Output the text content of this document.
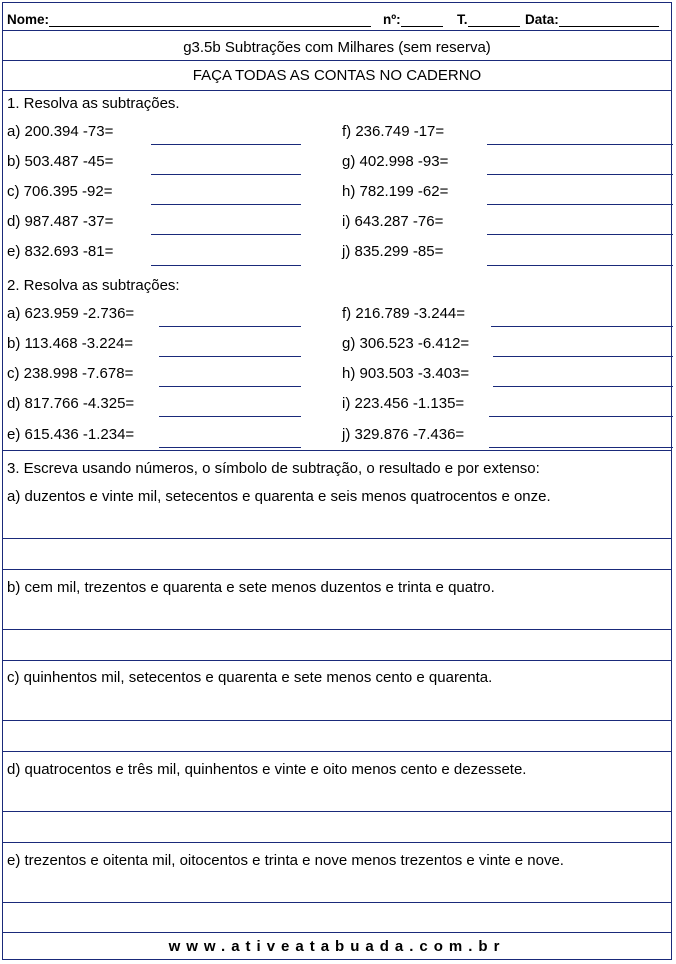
Nome:	nº:	T.	Data:
g3.5b Subtrações com Milhares (sem reserva)
FAÇA TODAS AS CONTAS NO CADERNO
1. Resolva as subtrações.
a) 200.394 -73=
b) 503.487 -45=
c) 706.395 -92=
d) 987.487 -37=
e) 832.693 -81=
f) 236.749 -17=
g) 402.998 -93=
h) 782.199 -62=
i) 643.287 -76=
j) 835.299 -85=
2. Resolva as subtrações:
a) 623.959 -2.736=
b) 113.468 -3.224=
c) 238.998 -7.678=
d) 817.766 -4.325=
e) 615.436 -1.234=
f) 216.789 -3.244=
g) 306.523 -6.412=
h) 903.503 -3.403=
i) 223.456 -1.135=
j) 329.876 -7.436=
3. Escreva usando números, o símbolo de subtração, o resultado e por extenso:
a) duzentos e vinte mil, setecentos e quarenta e seis menos quatrocentos e onze.
b) cem mil, trezentos e quarenta e sete menos duzentos e trinta e quatro.
c) quinhentos mil, setecentos e quarenta e sete menos cento e quarenta.
d) quatrocentos e três mil, quinhentos e vinte e oito menos cento e dezessete.
e) trezentos e oitenta mil, oitocentos e trinta e nove menos trezentos e vinte e nove.
www.ativeatabuada.com.br
